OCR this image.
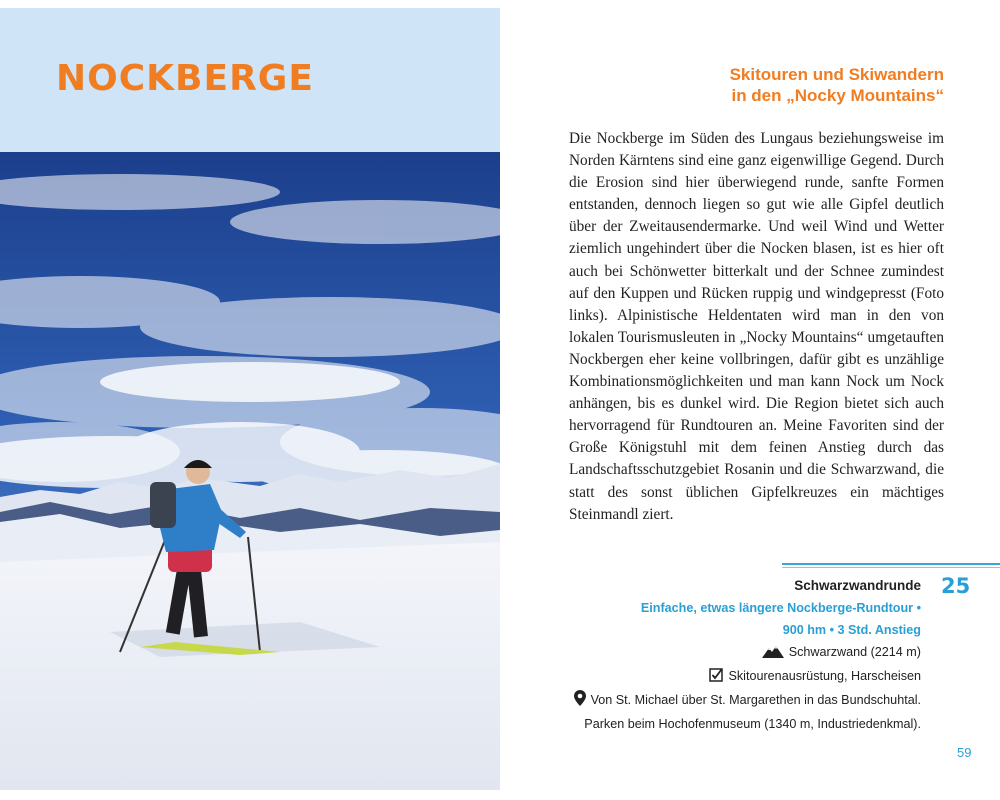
NOCKBERGE	Skitouren und Skiwandern
in den „Nocky Mountains“

Die Nockberge im Süden des Lungaus beziehungsweise im Norden Kärntens sind eine ganz eigenwillige Gegend. Durch die Erosion sind hier überwiegend runde, sanfte Formen entstanden, dennoch liegen so gut wie alle Gipfel deutlich über der Zweitausendermarke. Und weil Wind und Wetter ziemlich ungehindert über die Nocken blasen, ist es hier oft auch bei Schönwetter bitterkalt und der Schnee zumindest auf den Kuppen und Rücken ruppig und windgepresst (Foto links). Alpinistische Heldentaten wird man in den von lokalen Tourismusleuten in „Nocky Mountains“ umgetauften Nockbergen eher keine vollbringen, dafür gibt es unzählige Kombinationsmöglichkeiten und man kann Nock um Nock anhängen, bis es dunkel wird. Die Region bietet sich auch hervorragend für Rundtouren an. Meine Favoriten sind der Große Königstuhl mit dem feinen Anstieg durch das Landschaftsschutzgebiet Rosanin und die Schwarzwand, die statt des sonst üblichen Gipfelkreuzes ein mächtiges Steinmandl ziert.

25
Schwarzwandrunde
Einfache, etwas längere Nockberge-Rundtour •
900 hm • 3 Std. Anstieg
Schwarzwand (2214 m)
Skitourenausrüstung, Harscheisen
Von St. Michael über St. Margarethen in das Bundschuhtal.
Parken beim Hochofenmuseum (1340 m, Industriedenkmal).
59
